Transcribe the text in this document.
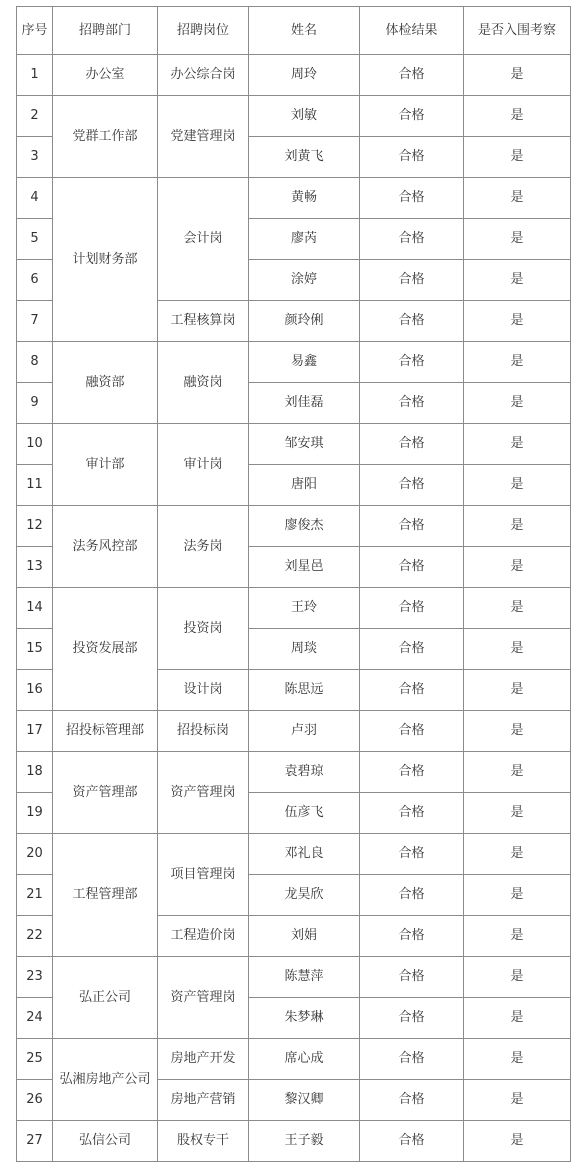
序号	招聘部门	招聘岗位	姓名	体检结果	是否入围考察
1	办公室	办公综合岗	周玲	合格	是
2	党群工作部	党建管理岗	刘敏	合格	是
3			刘黄飞	合格	是
4	计划财务部	会计岗	黄畅	合格	是
5			廖芮	合格	是
6			涂婷	合格	是
7		工程核算岗	颜玲俐	合格	是
8	融资部	融资岗	易鑫	合格	是
9			刘佳磊	合格	是
10	审计部	审计岗	邹安琪	合格	是
11			唐阳	合格	是
12	法务风控部	法务岗	廖俊杰	合格	是
13			刘星邑	合格	是
14	投资发展部	投资岗	王玲	合格	是
15			周琰	合格	是
16		设计岗	陈思远	合格	是
17	招投标管理部	招投标岗	卢羽	合格	是
18	资产管理部	资产管理岗	袁碧琼	合格	是
19			伍彦飞	合格	是
20	工程管理部	项目管理岗	邓礼良	合格	是
21			龙昊欣	合格	是
22		工程造价岗	刘娟	合格	是
23	弘正公司	资产管理岗	陈慧萍	合格	是
24			朱梦琳	合格	是
25	弘湘房地产公司	房地产开发	席心成	合格	是
26		房地产营销	黎汉卿	合格	是
27	弘信公司	股权专干	王子毅	合格	是
